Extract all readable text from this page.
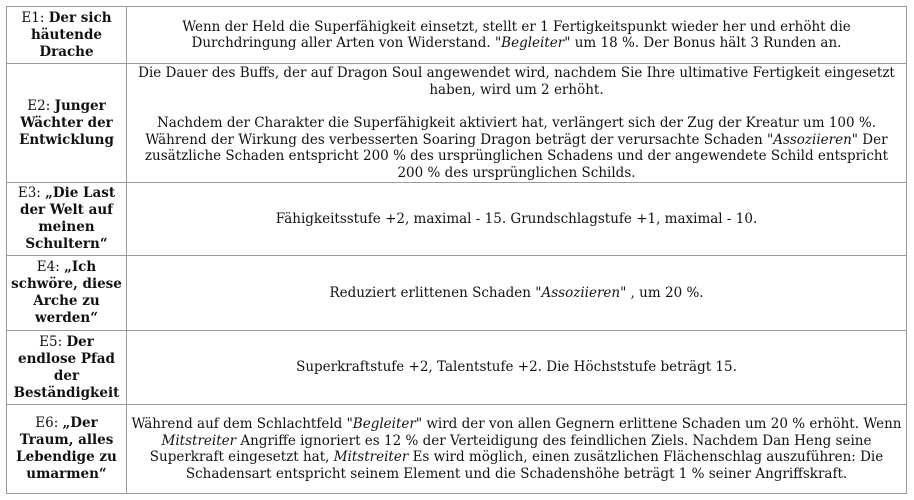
E1: Der sich häutende Drache	Wenn der Held die Superfähigkeit einsetzt, stellt er 1 Fertigkeitspunkt wieder her und erhöht die Durchdringung aller Arten von Widerstand. "Begleiter" um 18 %. Der Bonus hält 3 Runden an.
E2: Junger Wächter der Entwicklung	Die Dauer des Buffs, der auf Dragon Soul angewendet wird, nachdem Sie Ihre ultimative Fertigkeit eingesetzt haben, wird um 2 erhöht.
Nachdem der Charakter die Superfähigkeit aktiviert hat, verlängert sich der Zug der Kreatur um 100 %. Während der Wirkung des verbesserten Soaring Dragon beträgt der verursachte Schaden "Assoziieren" Der zusätzliche Schaden entspricht 200 % des ursprünglichen Schadens und der angewendete Schild entspricht 200 % des ursprünglichen Schilds.

E3: „Die Last der Welt auf meinen Schultern“	Fähigkeitsstufe +2, maximal - 15. Grundschlagstufe +1, maximal - 10.
E4: „Ich schwöre, diese Arche zu werden“	Reduziert erlittenen Schaden "Assoziieren" , um 20 %.
E5: Der endlose Pfad der Beständigkeit	Superkraftstufe +2, Talentstufe +2. Die Höchststufe beträgt 15.
E6: „Der Traum, alles Lebendige zu umarmen“	Während auf dem Schlachtfeld "Begleiter" wird der von allen Gegnern erlittene Schaden um 20 % erhöht. Wenn Mitstreiter Angriffe ignoriert es 12 % der Verteidigung des feindlichen Ziels. Nachdem Dan Heng seine Superkraft eingesetzt hat, Mitstreiter Es wird möglich, einen zusätzlichen Flächenschlag auszuführen: Die Schadensart entspricht seinem Element und die Schadenshöhe beträgt 1 % seiner Angriffskraft.
